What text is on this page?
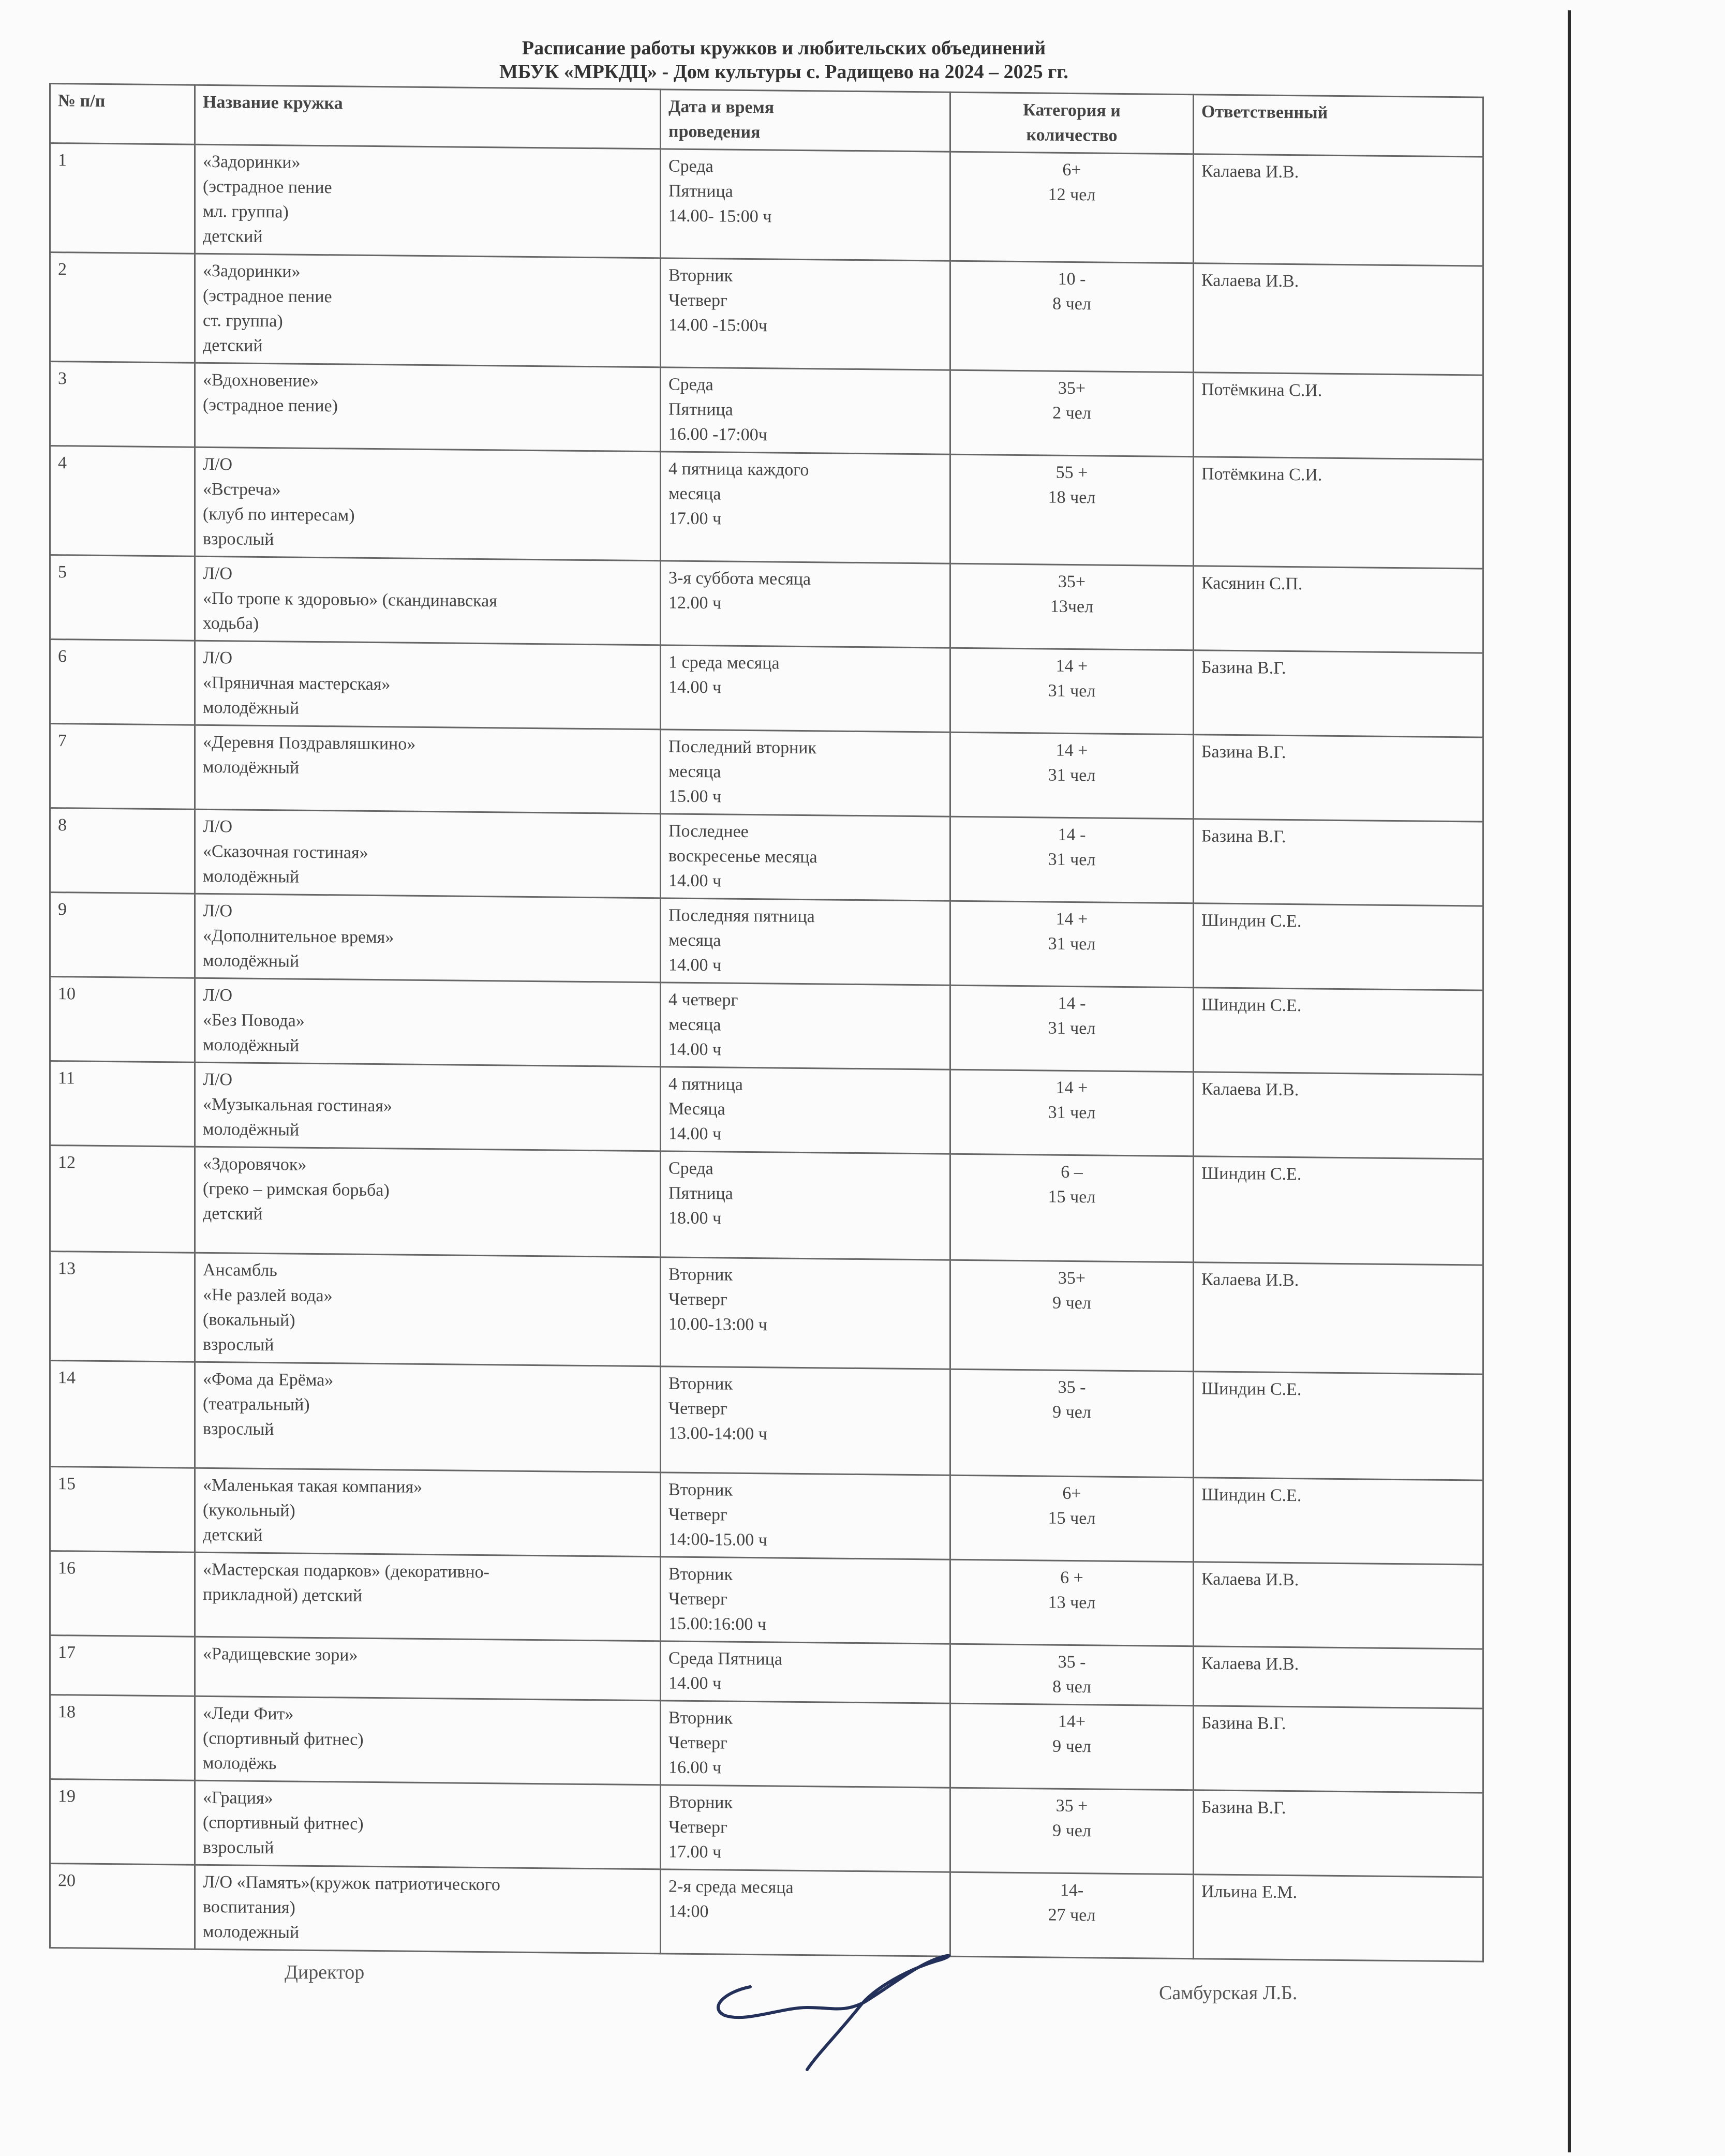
Расписание работы кружков и любительских объединений
МБУК «МРКДЦ» - Дом культуры с. Радищево на 2024 – 2025 гг.
№ п/п	Название кружка	Дата и время
проведения	Категория и
количество	Ответственный
1	«Задоринки»
(эстрадное пение
мл. группа)
детский	Среда
Пятница
14.00- 15:00 ч	6+
12 чел	Калаева И.В.
2	«Задоринки»
(эстрадное пение
ст. группа)
детский	Вторник
Четверг
14.00 -15:00ч	10 -
8 чел	Калаева И.В.
3	«Вдохновение»
(эстрадное пение)	Среда
Пятница
16.00 -17:00ч	35+
2 чел	Потёмкина С.И.
4	Л/О
«Встреча»
(клуб по интересам)
взрослый	4 пятница каждого
месяца
17.00 ч	55 +
18 чел	Потёмкина С.И.
5	Л/О
«По тропе к здоровью» (скандинавская
ходьба)	3-я суббота месяца
12.00 ч	35+
13чел	Касянин С.П.
6	Л/О
«Пряничная мастерская»
молодёжный	1 среда месяца
14.00 ч	14 +
31 чел	Базина В.Г.
7	«Деревня Поздравляшкино»
молодёжный	Последний вторник
месяца
15.00 ч	14 +
31 чел	Базина В.Г.
8	Л/О
«Сказочная гостиная»
молодёжный	Последнее
воскресенье месяца
14.00 ч	14 -
31 чел	Базина В.Г.
9	Л/О
«Дополнительное время»
молодёжный	Последняя пятница
месяца
14.00 ч	14 +
31 чел	Шиндин С.Е.
10	Л/О
«Без Повода»
молодёжный	4 четверг
месяца
14.00 ч	14 -
31 чел	Шиндин С.Е.
11	Л/О
«Музыкальная гостиная»
молодёжный	4 пятница
Месяца
14.00 ч	14 +
31 чел	Калаева И.В.
12	«Здоровячок»
(греко – римская борьба)
детский	Среда
Пятница
18.00 ч	6 –
15 чел	Шиндин С.Е.
13	Ансамбль
«Не разлей вода»
(вокальный)
взрослый	Вторник
Четверг
10.00-13:00 ч	35+
9 чел	Калаева И.В.
14	«Фома да Ерёма»
(театральный)
взрослый	Вторник
Четверг
13.00-14:00 ч	35 -
9 чел	Шиндин С.Е.
15	«Маленькая такая компания»
(кукольный)
детский	Вторник
Четверг
14:00-15.00 ч	6+
15 чел	Шиндин С.Е.
16	«Мастерская подарков» (декоративно-
прикладной) детский	Вторник
Четверг
15.00:16:00 ч	6 +
13 чел	Калаева И.В.
17	«Радищевские зори»	Среда Пятница
14.00 ч	35 -
8 чел	Калаева И.В.
18	«Леди Фит»
(спортивный фитнес)
молодёжь	Вторник
Четверг
16.00 ч	14+
9 чел	Базина В.Г.
19	«Грация»
(спортивный фитнес)
взрослый	Вторник
Четверг
17.00 ч	35 +
9 чел	Базина В.Г.
20	Л/О «Память»(кружок патриотического
воспитания)
молодежный	2-я среда месяца
14:00	14-
27 чел	Ильина Е.М.
Директор
Самбурская Л.Б.
